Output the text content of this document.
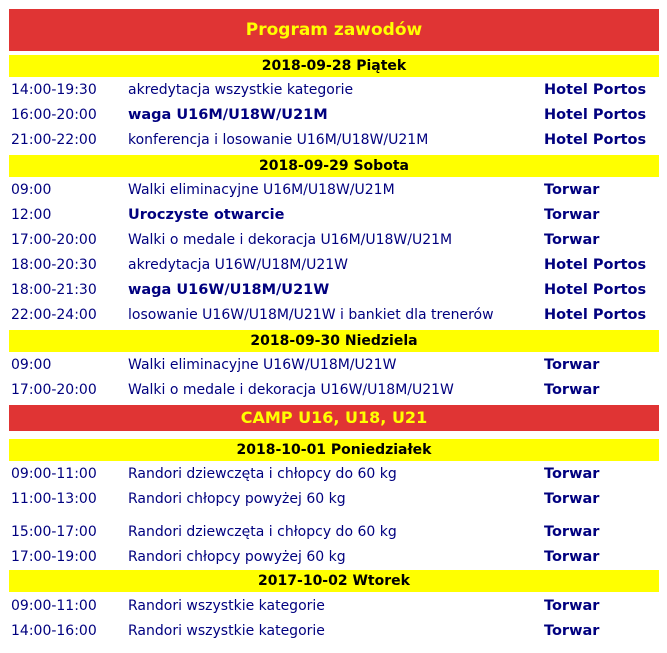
Program zawodów
CAMP U16, U18, U21
2018-09-28 Piątek
14:00-19:30 akredytacja wszystkie kategorie	Hotel Portos
16:00-20:00 waga U16M/U18W/U21M	Hotel Portos
21:00-22:00 konferencja i losowanie U16M/U18W/U21M	Hotel Portos
2018-09-29 Sobota
09:00	Walki eliminacyjne U16M/U18W/U21M	Torwar
12:00	Uroczyste otwarcie	Torwar
17:00-20:00 Walki o medale i dekoracja U16M/U18W/U21M	Torwar
18:00-20:30 akredytacja U16W/U18M/U21W	Hotel Portos
18:00-21:30 waga U16W/U18M/U21W	Hotel Portos
22:00-24:00 losowanie U16W/U18M/U21W i bankiet dla trenerów	Hotel Portos
2018-09-30 Niedziela
09:00	Walki eliminacyjne U16W/U18M/U21W	Torwar
17:00-20:00 Walki o medale i dekoracja U16W/U18M/U21W	Torwar
2018-10-01 Poniedziałek
09:00-11:00 Randori dziewczęta i chłopcy do 60 kg	Torwar
11:00-13:00 Randori chłopcy powyżej 60 kg	Torwar
15:00-17:00 Randori dziewczęta i chłopcy do 60 kg	Torwar
17:00-19:00 Randori chłopcy powyżej 60 kg	Torwar
2017-10-02 Wtorek
09:00-11:00 Randori wszystkie kategorie	Torwar
14:00-16:00 Randori wszystkie kategorie	Torwar
